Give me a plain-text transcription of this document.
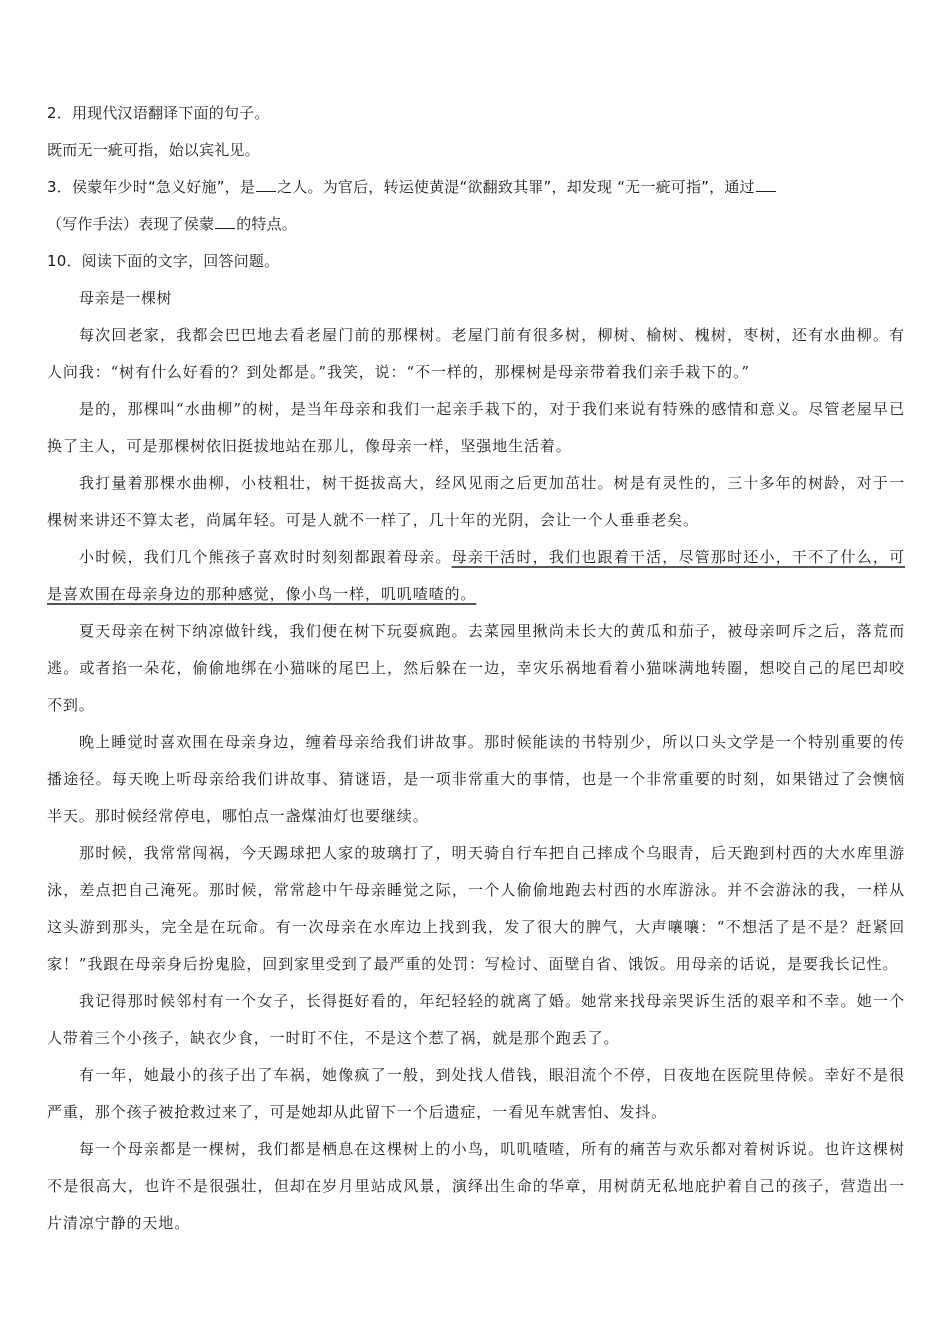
2．用现代汉语翻译下面的句子。

既而无一疵可指，始以宾礼见。

3．侯蒙年少时“急义好施”，是 之人。为官后，转运使黄湜“欲翻致其罪”，却发现 “无一疵可指”，通过

（写作手法）表现了侯蒙 的特点。

10．阅读下面的文字，回答问题。

母亲是一棵树

每次回老家，我都会巴巴地去看老屋门前的那棵树。老屋门前有很多树，柳树、榆树、槐树，枣树，还有水曲柳。有人问我：“树有什么好看的？到处都是。”我笑，说：“不一样的，那棵树是母亲带着我们亲手栽下的。”

是的，那棵叫“水曲柳”的树，是当年母亲和我们一起亲手栽下的，对于我们来说有特殊的感情和意义。尽管老屋早已换了主人，可是那棵树依旧挺拔地站在那儿，像母亲一样，坚强地生活着。

我打量着那棵水曲柳，小枝粗壮，树干挺拔高大，经风见雨之后更加茁壮。树是有灵性的，三十多年的树龄，对于一棵树来讲还不算太老，尚属年轻。可是人就不一样了，几十年的光阴，会让一个人垂垂老矣。

小时候，我们几个熊孩子喜欢时时刻刻都跟着母亲。母亲干活时，我们也跟着干活，尽管那时还小，干不了什么，可是喜欢围在母亲身边的那种感觉，像小鸟一样，叽叽喳喳的。

夏天母亲在树下纳凉做针线，我们便在树下玩耍疯跑。去菜园里揪尚未长大的黄瓜和茄子，被母亲呵斥之后，落荒而逃。或者掐一朵花，偷偷地绑在小猫咪的尾巴上，然后躲在一边，幸灾乐祸地看着小猫咪满地转圈，想咬自己的尾巴却咬不到。

晚上睡觉时喜欢围在母亲身边，缠着母亲给我们讲故事。那时候能读的书特别少，所以口头文学是一个特别重要的传播途径。每天晚上听母亲给我们讲故事、猜谜语，是一项非常重大的事情，也是一个非常重要的时刻，如果错过了会懊恼半天。那时候经常停电，哪怕点一盏煤油灯也要继续。

那时候，我常常闯祸，今天踢球把人家的玻璃打了，明天骑自行车把自己摔成个乌眼青，后天跑到村西的大水库里游泳，差点把自己淹死。那时候，常常趁中午母亲睡觉之际，一个人偷偷地跑去村西的水库游泳。并不会游泳的我，一样从这头游到那头，完全是在玩命。有一次母亲在水库边上找到我，发了很大的脾气，大声嚷嚷：“不想活了是不是？赶紧回家！”我跟在母亲身后扮鬼脸，回到家里受到了最严重的处罚：写检讨、面壁自省、饿饭。用母亲的话说，是要我长记性。

我记得那时候邻村有一个女子，长得挺好看的，年纪轻轻的就离了婚。她常来找母亲哭诉生活的艰辛和不幸。她一个人带着三个小孩子，缺衣少食，一时盯不住，不是这个惹了祸，就是那个跑丢了。

有一年，她最小的孩子出了车祸，她像疯了一般，到处找人借钱，眼泪流个不停，日夜地在医院里侍候。幸好不是很严重，那个孩子被抢救过来了，可是她却从此留下一个后遗症，一看见车就害怕、发抖。

每一个母亲都是一棵树，我们都是栖息在这棵树上的小鸟，叽叽喳喳，所有的痛苦与欢乐都对着树诉说。也许这棵树不是很高大，也许不是很强壮，但却在岁月里站成风景，演绎出生命的华章，用树荫无私地庇护着自己的孩子，营造出一片清凉宁静的天地。
